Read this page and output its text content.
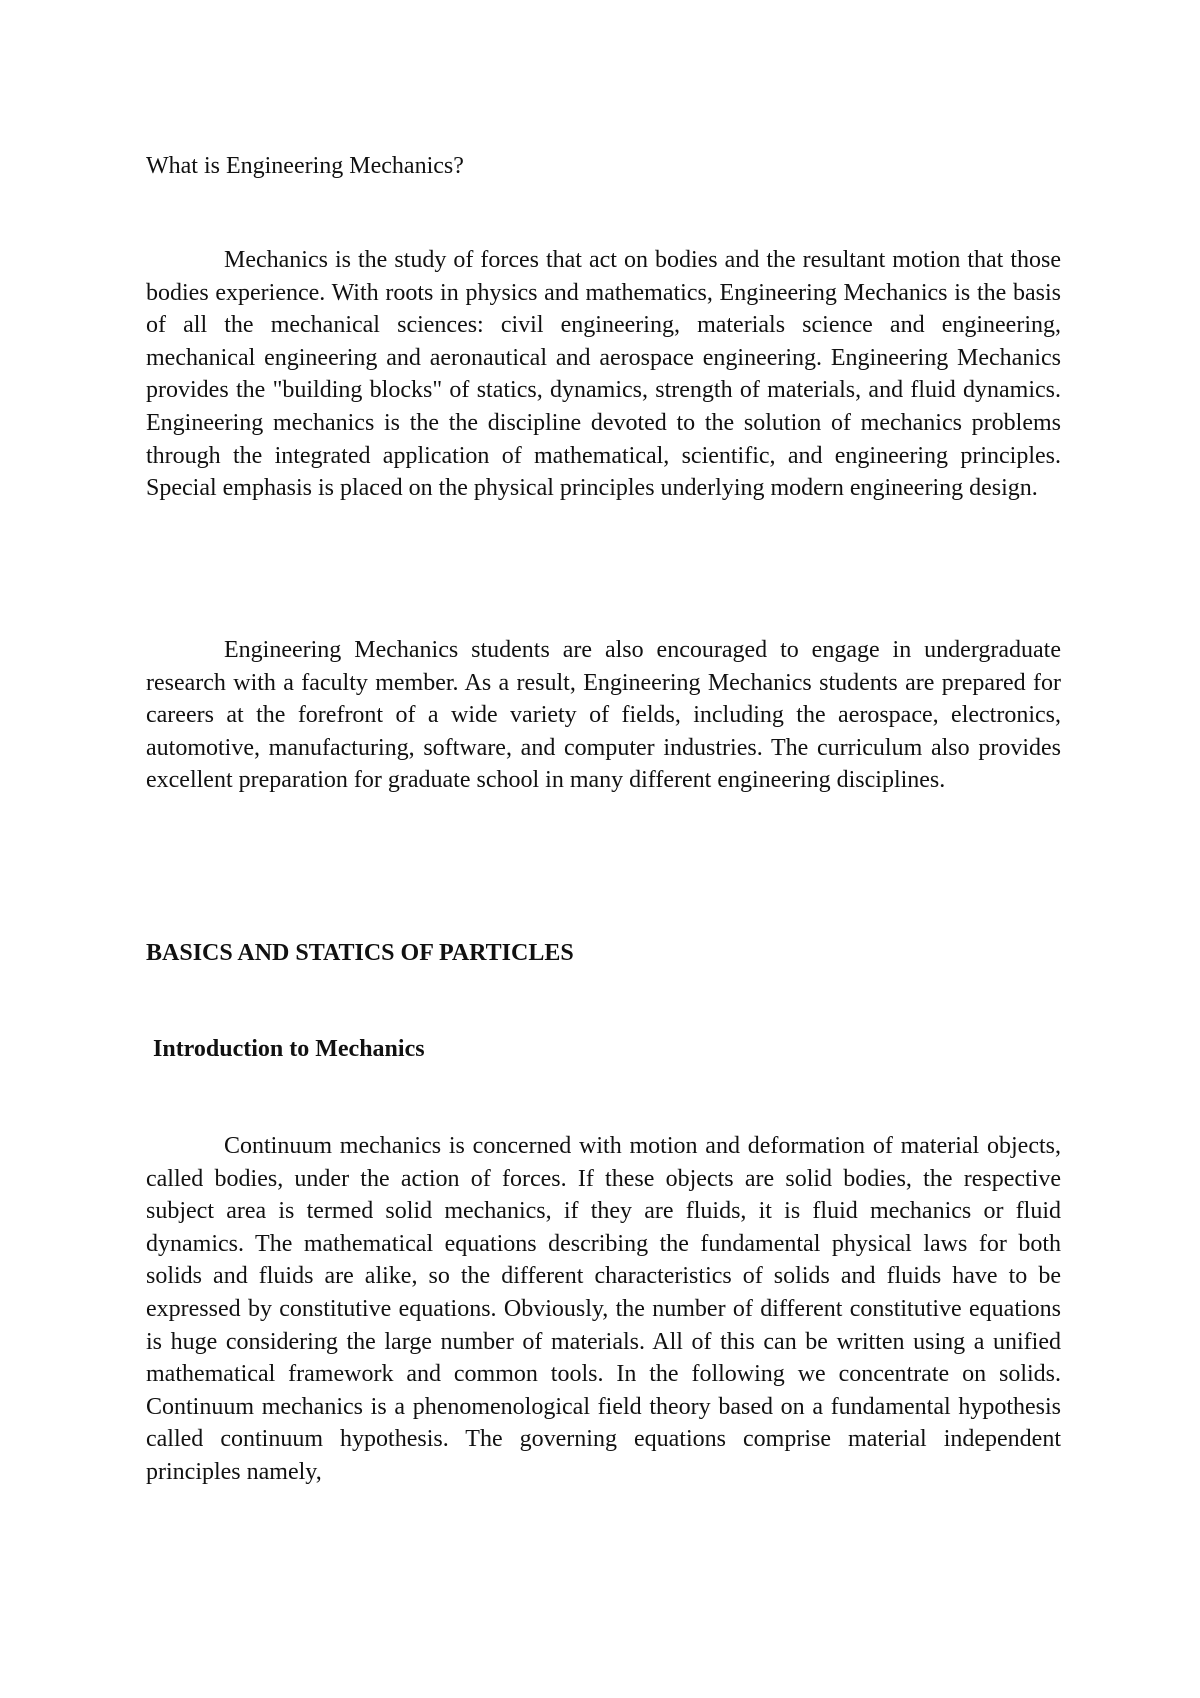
What is Engineering Mechanics?

Mechanics is the study of forces that act on bodies and the resultant motion that those bodies experience. With roots in physics and mathematics, Engineering Mechanics is the basis of all the mechanical sciences: civil engineering, materials science and engineering, mechanical engineering and aeronautical and aerospace engineering. Engineering Mechanics provides the "building blocks" of statics, dynamics, strength of materials, and fluid dynamics. Engineering mechanics is the the discipline devoted to the solution of mechanics problems through the integrated application of mathematical, scientific, and engineering principles. Special emphasis is placed on the physical principles underlying modern engineering design.

Engineering Mechanics students are also encouraged to engage in undergraduate research with a faculty member. As a result, Engineering Mechanics students are prepared for careers at the forefront of a wide variety of fields, including the aerospace, electronics, automotive, manufacturing, software, and computer industries. The curriculum also provides excellent preparation for graduate school in many different engineering disciplines.

BASICS AND STATICS OF PARTICLES
Introduction to Mechanics

Continuum mechanics is concerned with motion and deformation of material objects, called bodies, under the action of forces. If these objects are solid bodies, the respective subject area is termed solid mechanics, if they are fluids, it is fluid mechanics or fluid dynamics. The mathematical equations describing the fundamental physical laws for both solids and fluids are alike, so the different characteristics of solids and fluids have to be expressed by constitutive equations. Obviously, the number of different constitutive equations is huge considering the large number of materials. All of this can be written using a unified mathematical framework and common tools. In the following we concentrate on solids. Continuum mechanics is a phenomenological field theory based on a fundamental hypothesis called continuum hypothesis. The governing equations comprise material independent principles namely,
